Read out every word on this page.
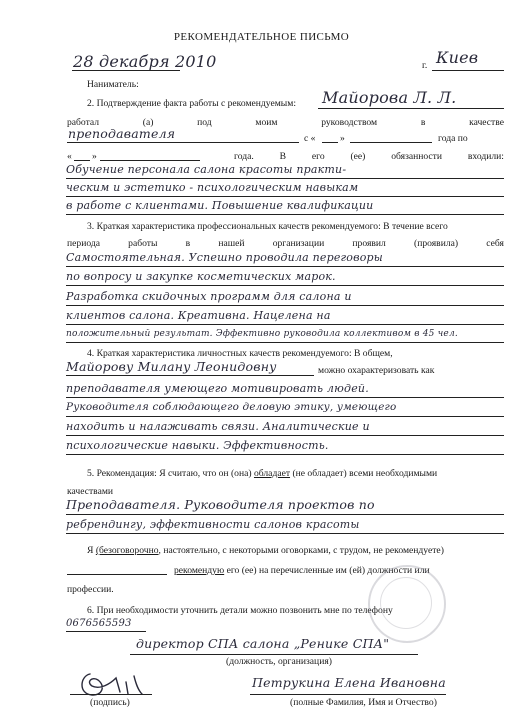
РЕКОМЕНДАТЕЛЬНОЕ ПИСЬМО
28 декабря 2010	г. Киев
Наниматель:
2. Подтверждение факта работы с рекомендуемым: Майорова Л. Л.
работал	(а)	под	моим	руководством	в	качестве
преподавателя	с «	»	года по
« »	года.	В	его	(ее)	обязанности	входили:
Обучение персонала салона красоты практи-
ческим и эстетико - психологическим навыкам
в работе с клиентами. Повышение квалификации
3. Краткая характеристика профессиональных качеств рекомендуемого: В течение всего
периода	работы	в	нашей	организации	проявил	(проявила)	себя
Самостоятельная. Успешно проводила переговоры
по вопросу и закупке косметических марок.
Разработка скидочных программ для салона и
клиентов салона. Креативна. Нацелена на
положительный результат. Эффективно руководила коллективом в 45 чел.
4. Краткая характеристика личностных качеств рекомендуемого: В общем,
Майорову Милану Леонидовну	можно охарактеризовать как
преподавателя умеющего мотивировать людей.
Руководителя соблюдающего деловую этику, умеющего
находить и налаживать связи. Аналитические и
психологические навыки. Эффективность.
5. Рекомендация: Я считаю, что он (она) обладает (не обладает) всеми необходимыми
качествами
Преподавателя. Руководителя проектов по
ребрендингу, эффективности салонов красоты
Я (безоговорочно, настоятельно, с некоторыми оговорками, с трудом, не рекомендуете)
рекомендую его (ее) на перечисленные им (ей) должности или
профессии.
6. При необходимости уточнить детали можно позвонить мне по телефону
0676565593
директор СПА салона „Ренике СПА"
(должность, организация)
(подпись)
Петрукина Елена Ивановна
(полные Фамилия, Имя и Отчество)
